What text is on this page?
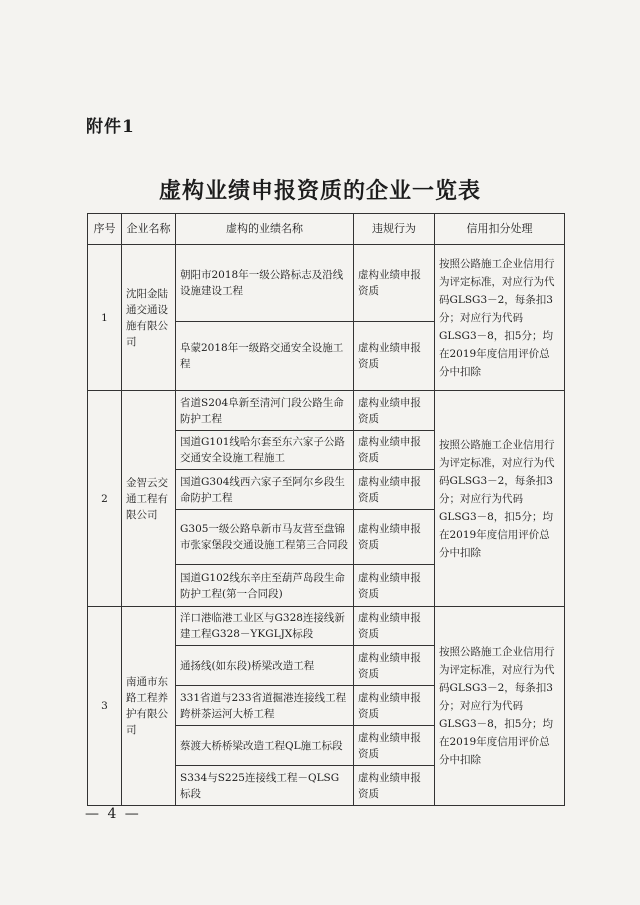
附件1
虚构业绩申报资质的企业一览表
序号	企业名称	虚构的业绩名称	违规行为	信用扣分处理
1	沈阳金陆通交通设施有限公司	朝阳市2018年一级公路标志及沿线设施建设工程	虚构业绩申报资质	按照公路施工企业信用行为评定标准，对应行为代码GLSG3－2，每条扣3分；对应行为代码GLSG3－8，扣5分；均在2019年度信用评价总分中扣除
		阜蒙2018年一级路交通安全设施工程	虚构业绩申报资质	
2	金智云交通工程有限公司	省道S204阜新至清河门段公路生命防护工程	虚构业绩申报资质	按照公路施工企业信用行为评定标准，对应行为代码GLSG3－2，每条扣3分；对应行为代码GLSG3－8，扣5分；均在2019年度信用评价总分中扣除
		国道G101线哈尔套至东六家子公路交通安全设施工程施工	虚构业绩申报资质	
		国道G304线西六家子至阿尔乡段生命防护工程	虚构业绩申报资质	
		G305一级公路阜新市马友营至盘锦市张家堡段交通设施工程第三合同段	虚构业绩申报资质	
		国道G102线东辛庄至葫芦岛段生命防护工程(第一合同段)	虚构业绩申报资质	
3	南通市东路工程养护有限公司	洋口港临港工业区与G328连接线新建工程G328－YKGLJX标段	虚构业绩申报资质	按照公路施工企业信用行为评定标准，对应行为代码GLSG3－2，每条扣3分；对应行为代码GLSG3－8，扣5分；均在2019年度信用评价总分中扣除
		通扬线(如东段)桥梁改造工程	虚构业绩申报资质	
		331省道与233省道掘港连接线工程跨栟茶运河大桥工程	虚构业绩申报资质	
		蔡渡大桥桥梁改造工程QL施工标段	虚构业绩申报资质	
		S334与S225连接线工程－QLSG标段	虚构业绩申报资质	
— 4 —
